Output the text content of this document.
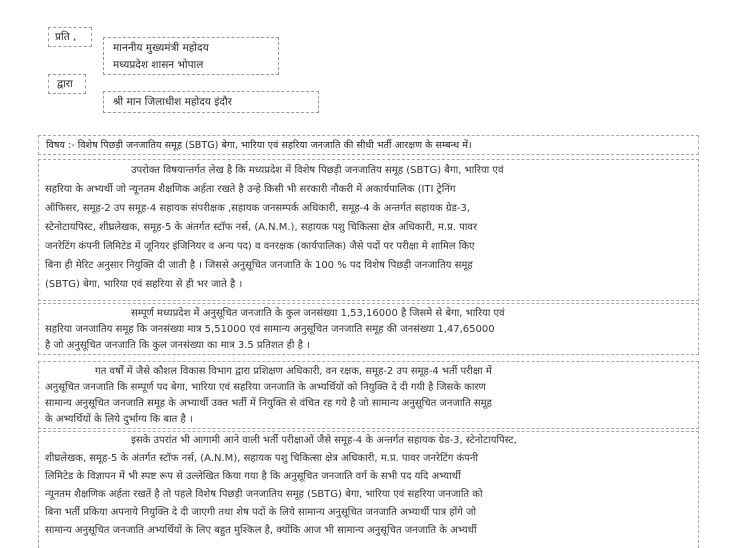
प्रति ,
माननीय मुख्यमंत्री महोदय
मध्यप्रदेश शासन भोपाल
द्वारा
श्री मान जिलाधीश महोदय इंदौर
विषय :- विशेष पिछड़ी जनजातिय समूह (SBTG) बेगा, भारिया एवं सहरिया जनजाति की सीधी भर्ती आरक्षण के सम्बन्ध में।
उपरोक्त विषयान्तर्गत लेख है कि मध्यप्रदेश में विशेष पिछड़ी जनजातिय समूह (SBTG) बैगा, भारिया एवं
सहरिया के अभ्यर्थी जो न्यूनतम शैक्षणिक अर्हता रखते है उन्हे किसी भी सरकारी नौकरी में अकार्यपालिक (ITI ट्रेनिंग
ऑफिसर, समूह-2 उप समूह-4 सहायक संपरीक्षक ,सहायक जनसम्पर्क अधिकारी, समूह-4 के अन्तर्गत सहायक ग्रेड-3,
स्टेनोटायपिस्ट, शीघ्रलेखक, समूह-5 के अंतर्गत स्टॉफ नर्स, (A.N.M.), सहायक पशु चिकित्सा क्षेत्र अधिकारी, म.प्र. पावर
जनरेटिंग कंपनी लिमिटेड में जूनियर इंजिनियर व अन्य पद) व वनरक्षक (कार्यपालिक) जैसे पदों पर परीक्षा मे शामिल किए
बिना ही मेरिट अनुसार नियुक्ति दी जाती है । जिससे अनुसूचित जनजाति के 100 % पद विशेष पिछड़ी जनजातिय समूह
(SBTG) बेगा, भारिया एवं सहरिया से ही भर जाते है ।
सम्पूर्ण मध्यप्रदेश में अनुसूचित जनजाति के कुल जनसंख्या 1,53,16000 है जिसमे से बेगा, भारिया एवं
सहरिया जनजातिय समूह कि जनसंख्या मात्र 5,51000 एवं सामान्य अनुसूचित जनजाति समूह की जनसंख्या 1,47,65000
है जो अनुसूचित जनजाति कि कुल जनसंख्या का मात्र 3.5 प्रतिशत ही है ।
गत वर्षों में जैसे कौशल विकास विभाग द्वारा प्रशिक्षण अधिकारी, वन रक्षक, समूह-2 उप समूह-4 भर्ती परीक्षा में
अनुसूचित जनजाति कि सम्पूर्ण पद बेगा, भारिया एवं सहरिया जनजाति के अभ्यर्थियों को नियुक्ति दे दी गयी है जिसके कारण
सामान्य अनुसूचित जनजाति समूह के अभ्यार्थी उक्त भर्ती में नियुक्ति से वंचित रह गये है जो सामान्य अनुसूचित जनजाति समूह
के अभ्यर्थियों के लिये दुर्भाग्य कि बात है ।
इसके उपरांत भी आगामी आने वाली भर्ती परीक्षाओं जैसे समूह-4 के अन्तर्गत सहायक ग्रेड-3, स्टेनोटायपिस्ट,
शीघ्रलेखक, समूह-5 के अंतर्गत स्टॉफ नर्स, (A.N.M), सहायक पशु चिकित्सा क्षेत्र अधिकारी, म.प्र. पावर जनरेटिंग कंपनी
लिमिटेड के विज्ञापन में भी स्पष्ट रूप से उल्लेखित किया गया है कि अनुसूचित जनजाति वर्ग के सभी पद यदि अभ्यार्थी
न्यूनतम शैक्षणिक अर्हता रखतें है तो पहले विशेष पिछड़ी जनजातिय समूह (SBTG) बेगा, भारिया एवं सहरिया जनजाति को
बिना भर्ती प्रकिया अपनाये नियुक्ति दे दी जाएगी तथा शेष पदों के लिये सामान्य अनुसूचित जनजाति अभ्यार्थी पात्र होंगे जो
सामान्य अनुसूचित जनजाति अभ्यर्थियों के लिए बहुत मुश्किल है, क्योंकि आज भी सामान्य अनुसूचित जनजाति के अभ्यर्थी
